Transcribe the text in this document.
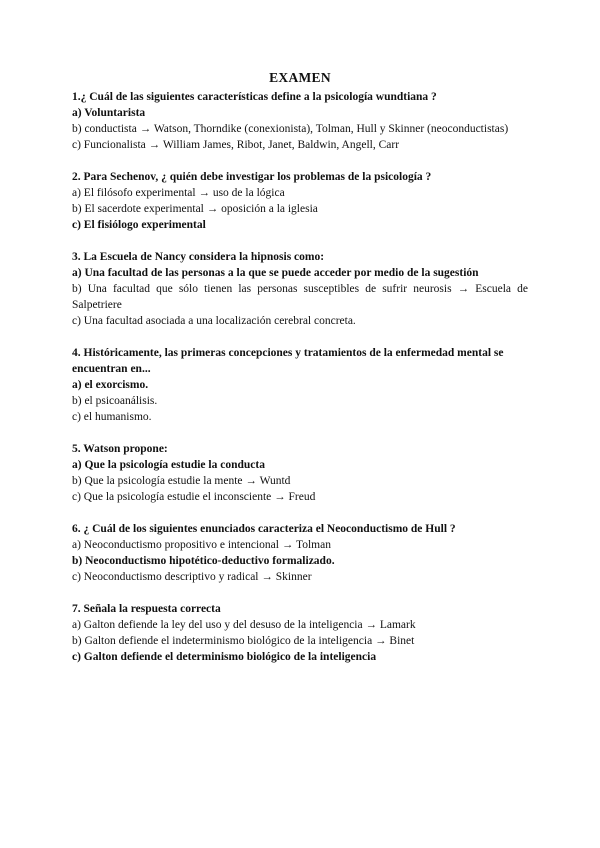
EXAMEN

1.¿ Cuál de las siguientes características define a la psicología wundtiana ?

a) Voluntarista

b) conductista → Watson, Thorndike (conexionista), Tolman, Hull y Skinner (neoconductistas)

c) Funcionalista → William James, Ribot, Janet, Baldwin, Angell, Carr

2. Para Sechenov, ¿ quién debe investigar los problemas de la psicología ?

a) El filósofo experimental → uso de la lógica

b) El sacerdote experimental → oposición a la iglesia

c) El fisiólogo experimental

3. La Escuela de Nancy considera la hipnosis como:

a) Una facultad de las personas a la que se puede acceder por medio de la sugestión

b) Una facultad que sólo tienen las personas susceptibles de sufrir neurosis → Escuela de Salpetriere

c) Una facultad asociada a una localización cerebral concreta.

4. Históricamente, las primeras concepciones y tratamientos de la enfermedad mental se encuentran en...

a) el exorcismo.

b) el psicoanálisis.

c) el humanismo.

5. Watson propone:

a) Que la psicología estudie la conducta

b) Que la psicología estudie la mente → Wuntd

c) Que la psicología estudie el inconsciente → Freud

6. ¿ Cuál de los siguientes enunciados caracteriza el Neoconductismo de Hull ?

a) Neoconductismo propositivo e intencional → Tolman

b) Neoconductismo hipotético-deductivo formalizado.

c) Neoconductismo descriptivo y radical → Skinner

7. Señala la respuesta correcta

a) Galton defiende la ley del uso y del desuso de la inteligencia → Lamark

b) Galton defiende el indeterminismo biológico de la inteligencia → Binet

c) Galton defiende el determinismo biológico de la inteligencia
